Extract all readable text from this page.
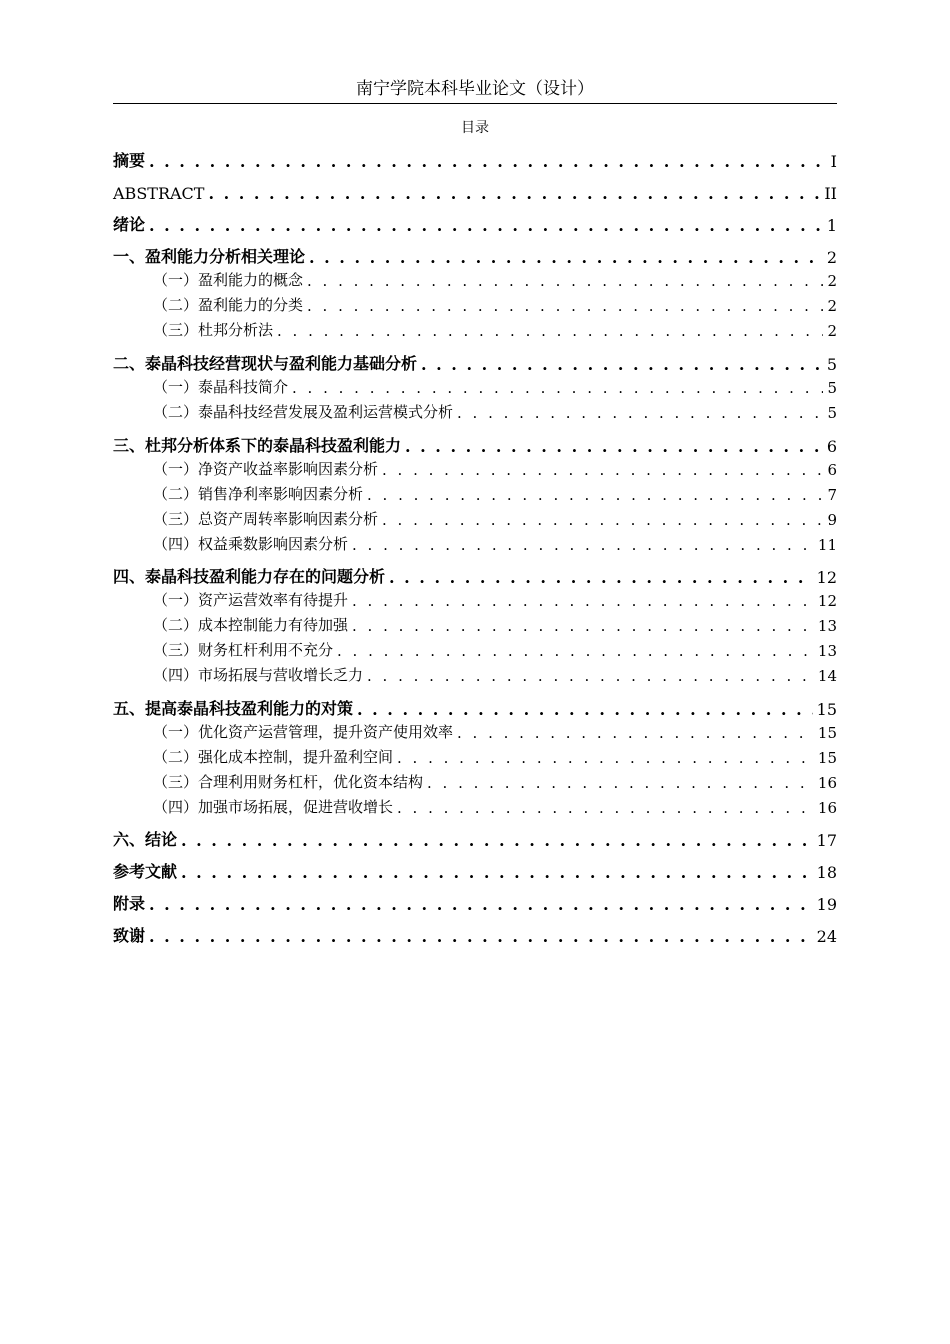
南宁学院本科毕业论文（设计）
目录
摘要 . . .	I
ABSTRACT . . .	II
绪论 . . .	1
一、盈利能力分析相关理论 . . .	2
（一）盈利能力的概念 . . .	2
（二）盈利能力的分类 . . .	2
（三）杜邦分析法 . . .	2
二、泰晶科技经营现状与盈利能力基础分析 . . .	5
（一）泰晶科技简介 . . .	5
（二）泰晶科技经营发展及盈利运营模式分析 . . .	5
三、杜邦分析体系下的泰晶科技盈利能力 . . .	6
（一）净资产收益率影响因素分析 . . .	6
（二）销售净利率影响因素分析 . . .	7
（三）总资产周转率影响因素分析 . . .	9
（四）权益乘数影响因素分析 . . .	11
四、泰晶科技盈利能力存在的问题分析 . . .	12
（一）资产运营效率有待提升 . . .	12
（二）成本控制能力有待加强 . . .	13
（三）财务杠杆利用不充分 . . .	13
（四）市场拓展与营收增长乏力 . . .	14
五、提高泰晶科技盈利能力的对策 . . .	15
（一）优化资产运营管理，提升资产使用效率 . . .	15
（二）强化成本控制，提升盈利空间 . . .	15
（三）合理利用财务杠杆，优化资本结构 . . .	16
（四）加强市场拓展，促进营收增长 . . .	16
六、结论 . . .	17
参考文献 . . .	18
附录 . . .	19
致谢 . . .	24
